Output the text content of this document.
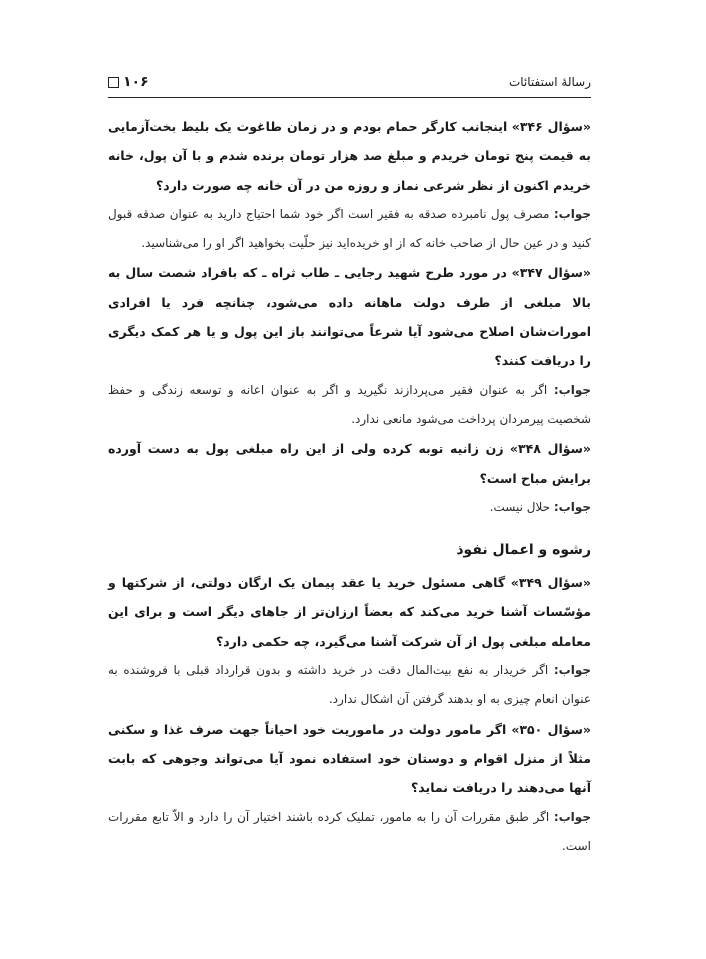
رسالهٔ استفتائات
۱۰۶
«سؤال ۳۴۶» اینجانب کارگر حمام بودم و در زمان طاغوت یک بلیط بخت‌آزمایی به قیمت پنج تومان خریدم و مبلغ صد هزار تومان برنده شدم و با آن پول، خانه خریدم اکنون از نظر شرعی نماز و روزه من در آن خانه چه صورت دارد؟
جواب: مصرف پول نامبرده صدقه به فقیر است اگر خود شما احتیاج دارید به عنوان صدقه قبول کنید و در عین حال از صاحب خانه که از او خریده‌اید نیز حلّیت بخواهید اگر او را می‌شناسید.
«سؤال ۳۴۷» در مورد طرح شهید رجایی ـ طاب ثراه ـ که بافراد شصت سال به بالا مبلغی از طرف دولت ماهانه داده می‌شود، چنانچه فرد یا افرادی امورات‌شان اصلاح می‌شود آیا شرعاً می‌توانند باز این پول و یا هر کمک دیگری را دریافت کنند؟
جواب: اگر به عنوان فقیر می‌پردازند نگیرید و اگر به عنوان اعانه و توسعه زندگی و حفظ شخصیت پیرمردان پرداخت می‌شود مانعی ندارد.
«سؤال ۳۴۸» زن زانیه توبه کرده ولی از این راه مبلغی پول به دست آورده برایش مباح است؟
جواب: حلال نیست.
رشوه و اعمال نفوذ
«سؤال ۳۴۹» گاهی مسئول خرید یا عقد پیمان یک ارگان دولتی، از شرکتها و مؤسّسات آشنا خرید می‌کند که بعضاً ارزان‌تر از جاهای دیگر است و برای این معامله مبلغی پول از آن شرکت آشنا می‌گیرد، چه حکمی دارد؟
جواب: اگر خریدار به نفع بیت‌المال دقت در خرید داشته و بدون قرارداد قبلی با فروشنده به عنوان انعام چیزی به او بدهند گرفتن آن اشکال ندارد.
«سؤال ۳۵۰» اگر مامور دولت در ماموریت خود احیاناً جهت صرف غذا و سکنی مثلاً از منزل اقوام و دوستان خود استفاده نمود آیا می‌تواند وجوهی که بابت آنها می‌دهند را دریافت نماید؟
جواب: اگر طبق مقررات آن را به مامور، تملیک کرده باشند اختیار آن را دارد و الاّ تابع مقررات است.
